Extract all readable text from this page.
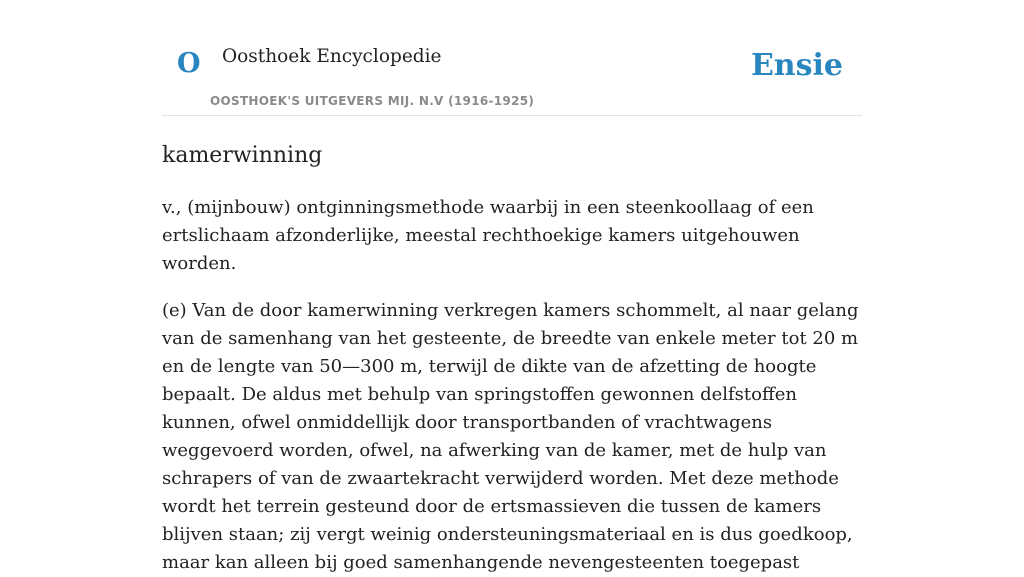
O Oosthoek Encyclopedie
OOSTHOEK'S UITGEVERS MIJ. N.V (1916-1925)
Ensie
kamerwinning

v., (mijnbouw) ontginningsmethode waarbij in een steenkoollaag of een ertslichaam afzonderlijke, meestal rechthoekige kamers uitgehouwen worden.

(e) Van de door kamerwinning verkregen kamers schommelt, al naar gelang van de samenhang van het gesteente, de breedte van enkele meter tot 20 m en de lengte van 50—300 m, terwijl de dikte van de afzetting de hoogte bepaalt. De aldus met behulp van springstoffen gewonnen delfstoffen kunnen, ofwel onmiddellijk door transportbanden of vrachtwagens weggevoerd worden, ofwel, na afwerking van de kamer, met de hulp van schrapers of van de zwaartekracht verwijderd worden. Met deze methode wordt het terrein gesteund door de ertsmassieven die tussen de kamers blijven staan; zij vergt weinig ondersteuningsmateriaal en is dus goedkoop, maar kan alleen bij goed samenhangende nevengesteenten toegepast
